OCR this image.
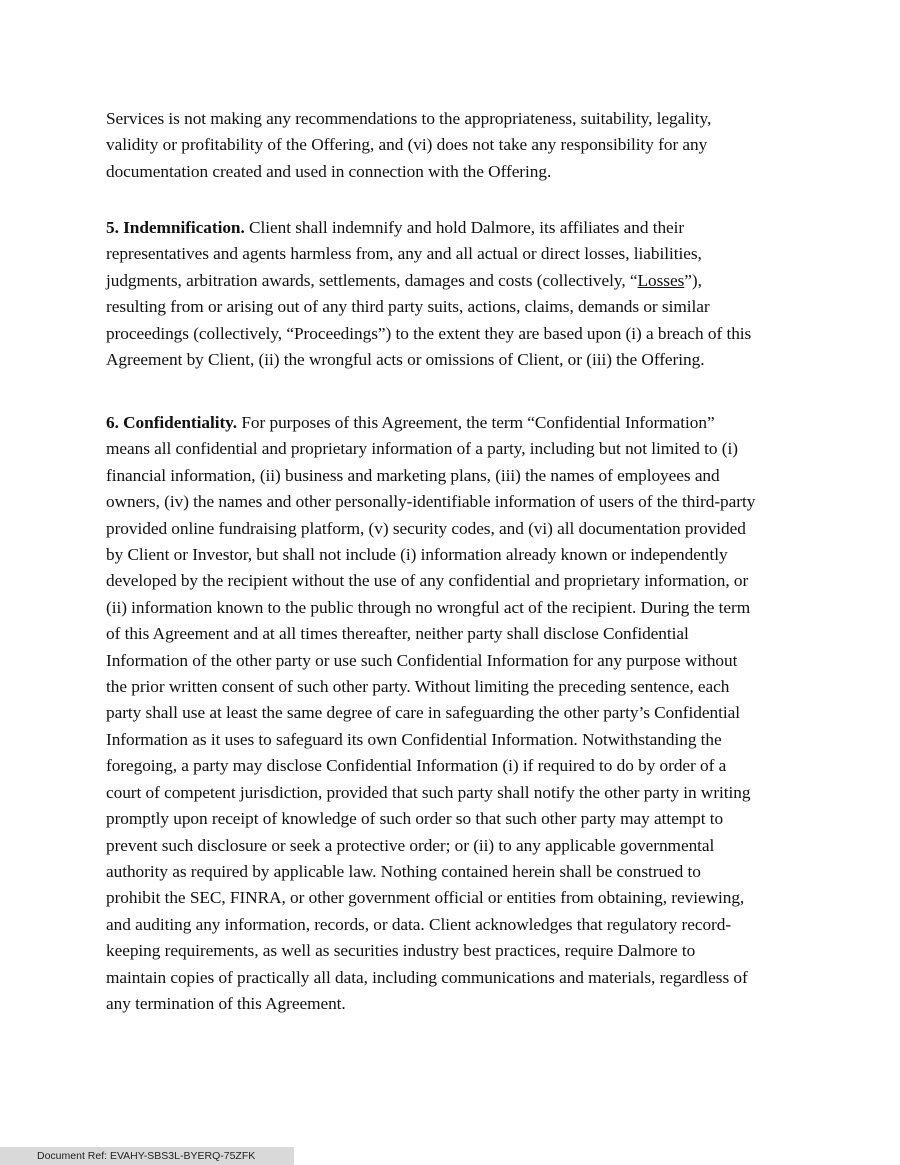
Services is not making any recommendations to the appropriateness, suitability, legality,
validity or profitability of the Offering, and (vi) does not take any responsibility for any
documentation created and used in connection with the Offering.

5. Indemnification. Client shall indemnify and hold Dalmore, its affiliates and their
representatives and agents harmless from, any and all actual or direct losses, liabilities,
judgments, arbitration awards, settlements, damages and costs (collectively, “Losses”),
resulting from or arising out of any third party suits, actions, claims, demands or similar
proceedings (collectively, “Proceedings”) to the extent they are based upon (i) a breach of this
Agreement by Client, (ii) the wrongful acts or omissions of Client, or (iii) the Offering.

6. Confidentiality. For purposes of this Agreement, the term “Confidential Information”
means all confidential and proprietary information of a party, including but not limited to (i)
financial information, (ii) business and marketing plans, (iii) the names of employees and
owners, (iv) the names and other personally-identifiable information of users of the third-party
provided online fundraising platform, (v) security codes, and (vi) all documentation provided
by Client or Investor, but shall not include (i) information already known or independently
developed by the recipient without the use of any confidential and proprietary information, or
(ii) information known to the public through no wrongful act of the recipient. During the term
of this Agreement and at all times thereafter, neither party shall disclose Confidential
Information of the other party or use such Confidential Information for any purpose without
the prior written consent of such other party. Without limiting the preceding sentence, each
party shall use at least the same degree of care in safeguarding the other party’s Confidential
Information as it uses to safeguard its own Confidential Information. Notwithstanding the
foregoing, a party may disclose Confidential Information (i) if required to do by order of a
court of competent jurisdiction, provided that such party shall notify the other party in writing
promptly upon receipt of knowledge of such order so that such other party may attempt to
prevent such disclosure or seek a protective order; or (ii) to any applicable governmental
authority as required by applicable law. Nothing contained herein shall be construed to
prohibit the SEC, FINRA, or other government official or entities from obtaining, reviewing,
and auditing any information, records, or data. Client acknowledges that regulatory record-
keeping requirements, as well as securities industry best practices, require Dalmore to
maintain copies of practically all data, including communications and materials, regardless of
any termination of this Agreement.

Document Ref: EVAHY-SBS3L-BYERQ-75ZFK
